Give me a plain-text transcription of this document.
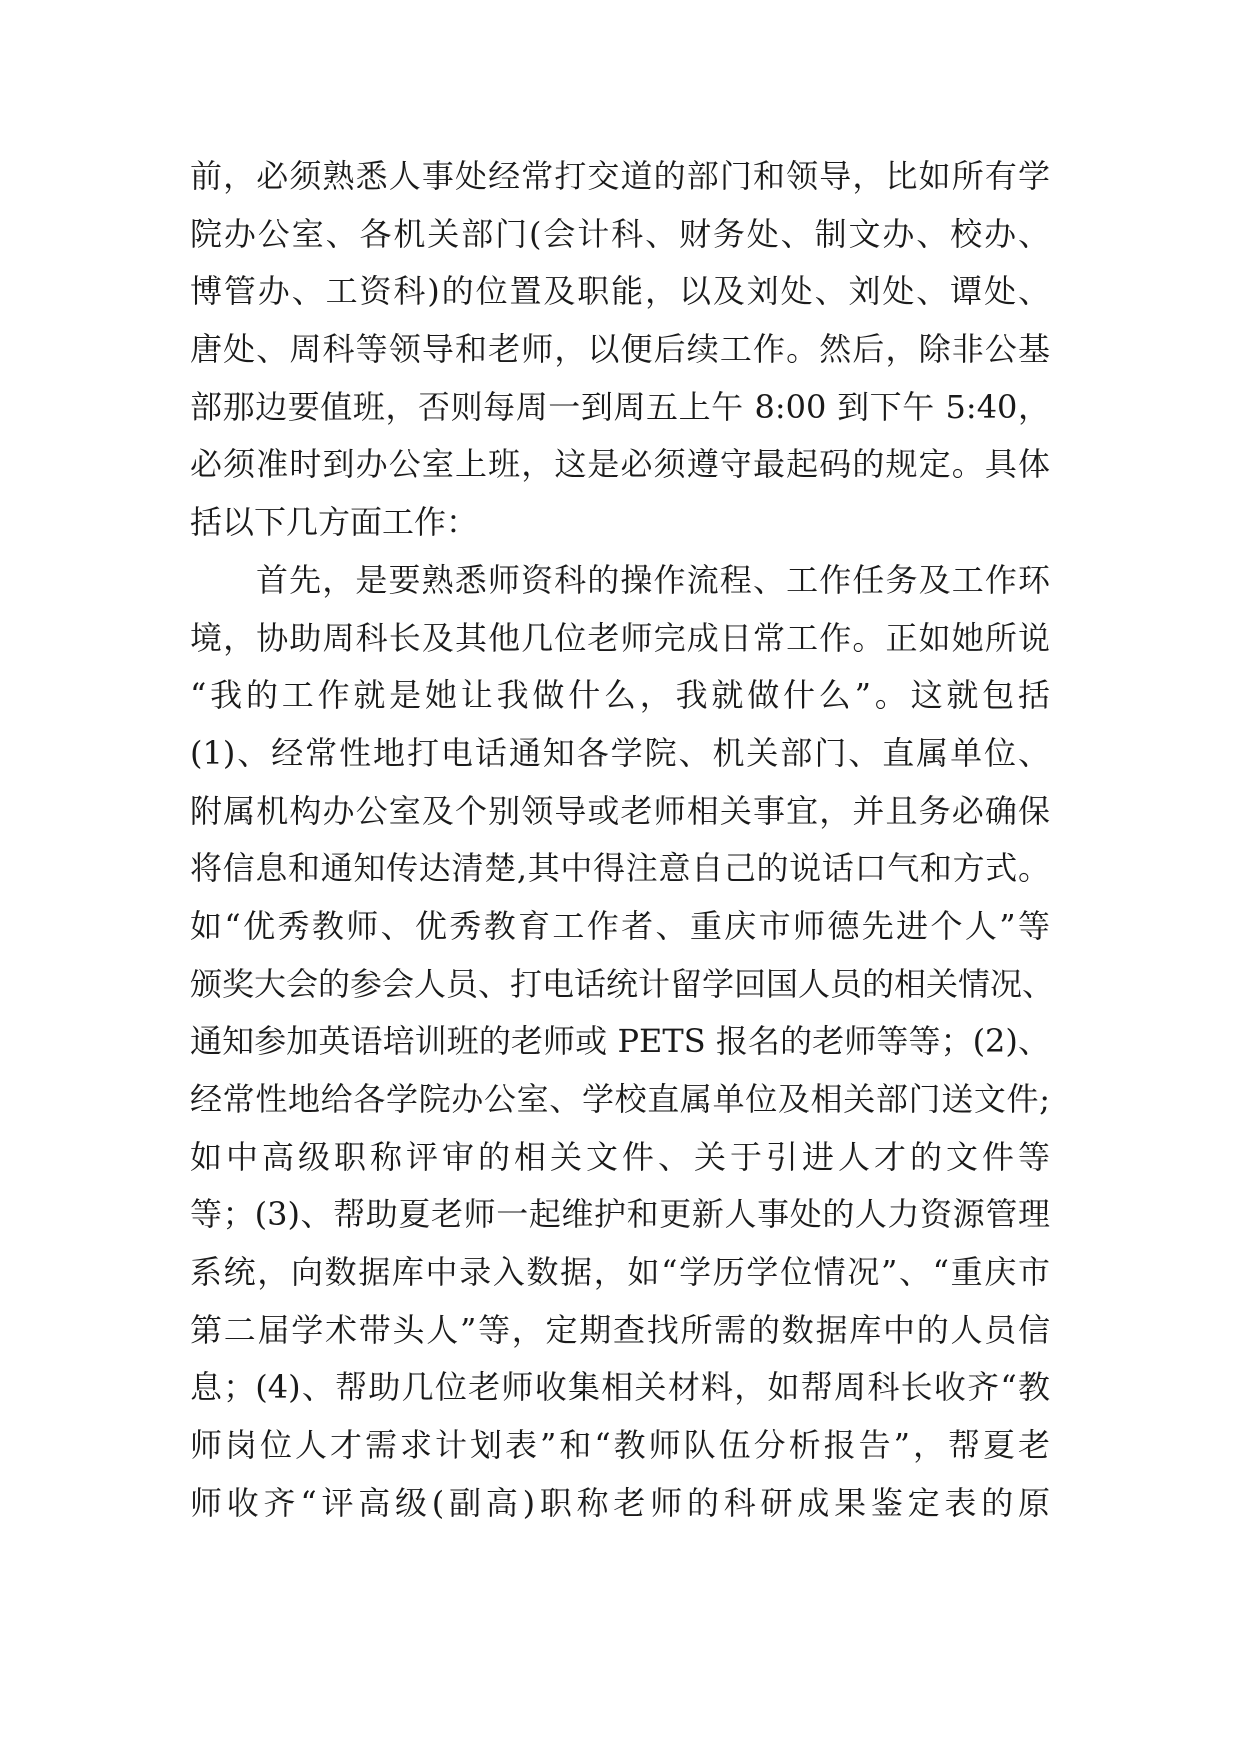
前，必须熟悉人事处经常打交道的部门和领导，比如所有学
院办公室、各机关部门(会计科、财务处、制文办、校办、
博管办、工资科)的位置及职能，以及刘处、刘处、谭处、
唐处、周科等领导和老师，以便后续工作。然后，除非公基
部那边要值班，否则每周一到周五上午 8:00 到下午 5:40，
必须准时到办公室上班，这是必须遵守最起码的规定。具体
括以下几方面工作：
首先，是要熟悉师资科的操作流程、工作任务及工作环
境，协助周科长及其他几位老师完成日常工作。正如她所说
“我的工作就是她让我做什么，我就做什么”。这就包括
(1)、经常性地打电话通知各学院、机关部门、直属单位、
附属机构办公室及个别领导或老师相关事宜，并且务必确保
将信息和通知传达清楚,其中得注意自己的说话口气和方式。
如“优秀教师、优秀教育工作者、重庆市师德先进个人”等
颁奖大会的参会人员、打电话统计留学回国人员的相关情况、
通知参加英语培训班的老师或 PETS 报名的老师等等；(2)、
经常性地给各学院办公室、学校直属单位及相关部门送文件;
如中高级职称评审的相关文件、关于引进人才的文件等
等；(3)、帮助夏老师一起维护和更新人事处的人力资源管理
系统，向数据库中录入数据，如“学历学位情况”、“重庆市
第二届学术带头人”等，定期查找所需的数据库中的人员信
息；(4)、帮助几位老师收集相关材料，如帮周科长收齐“教
师岗位人才需求计划表”和“教师队伍分析报告”，帮夏老
师收齐“评高级(副高)职称老师的科研成果鉴定表的原
